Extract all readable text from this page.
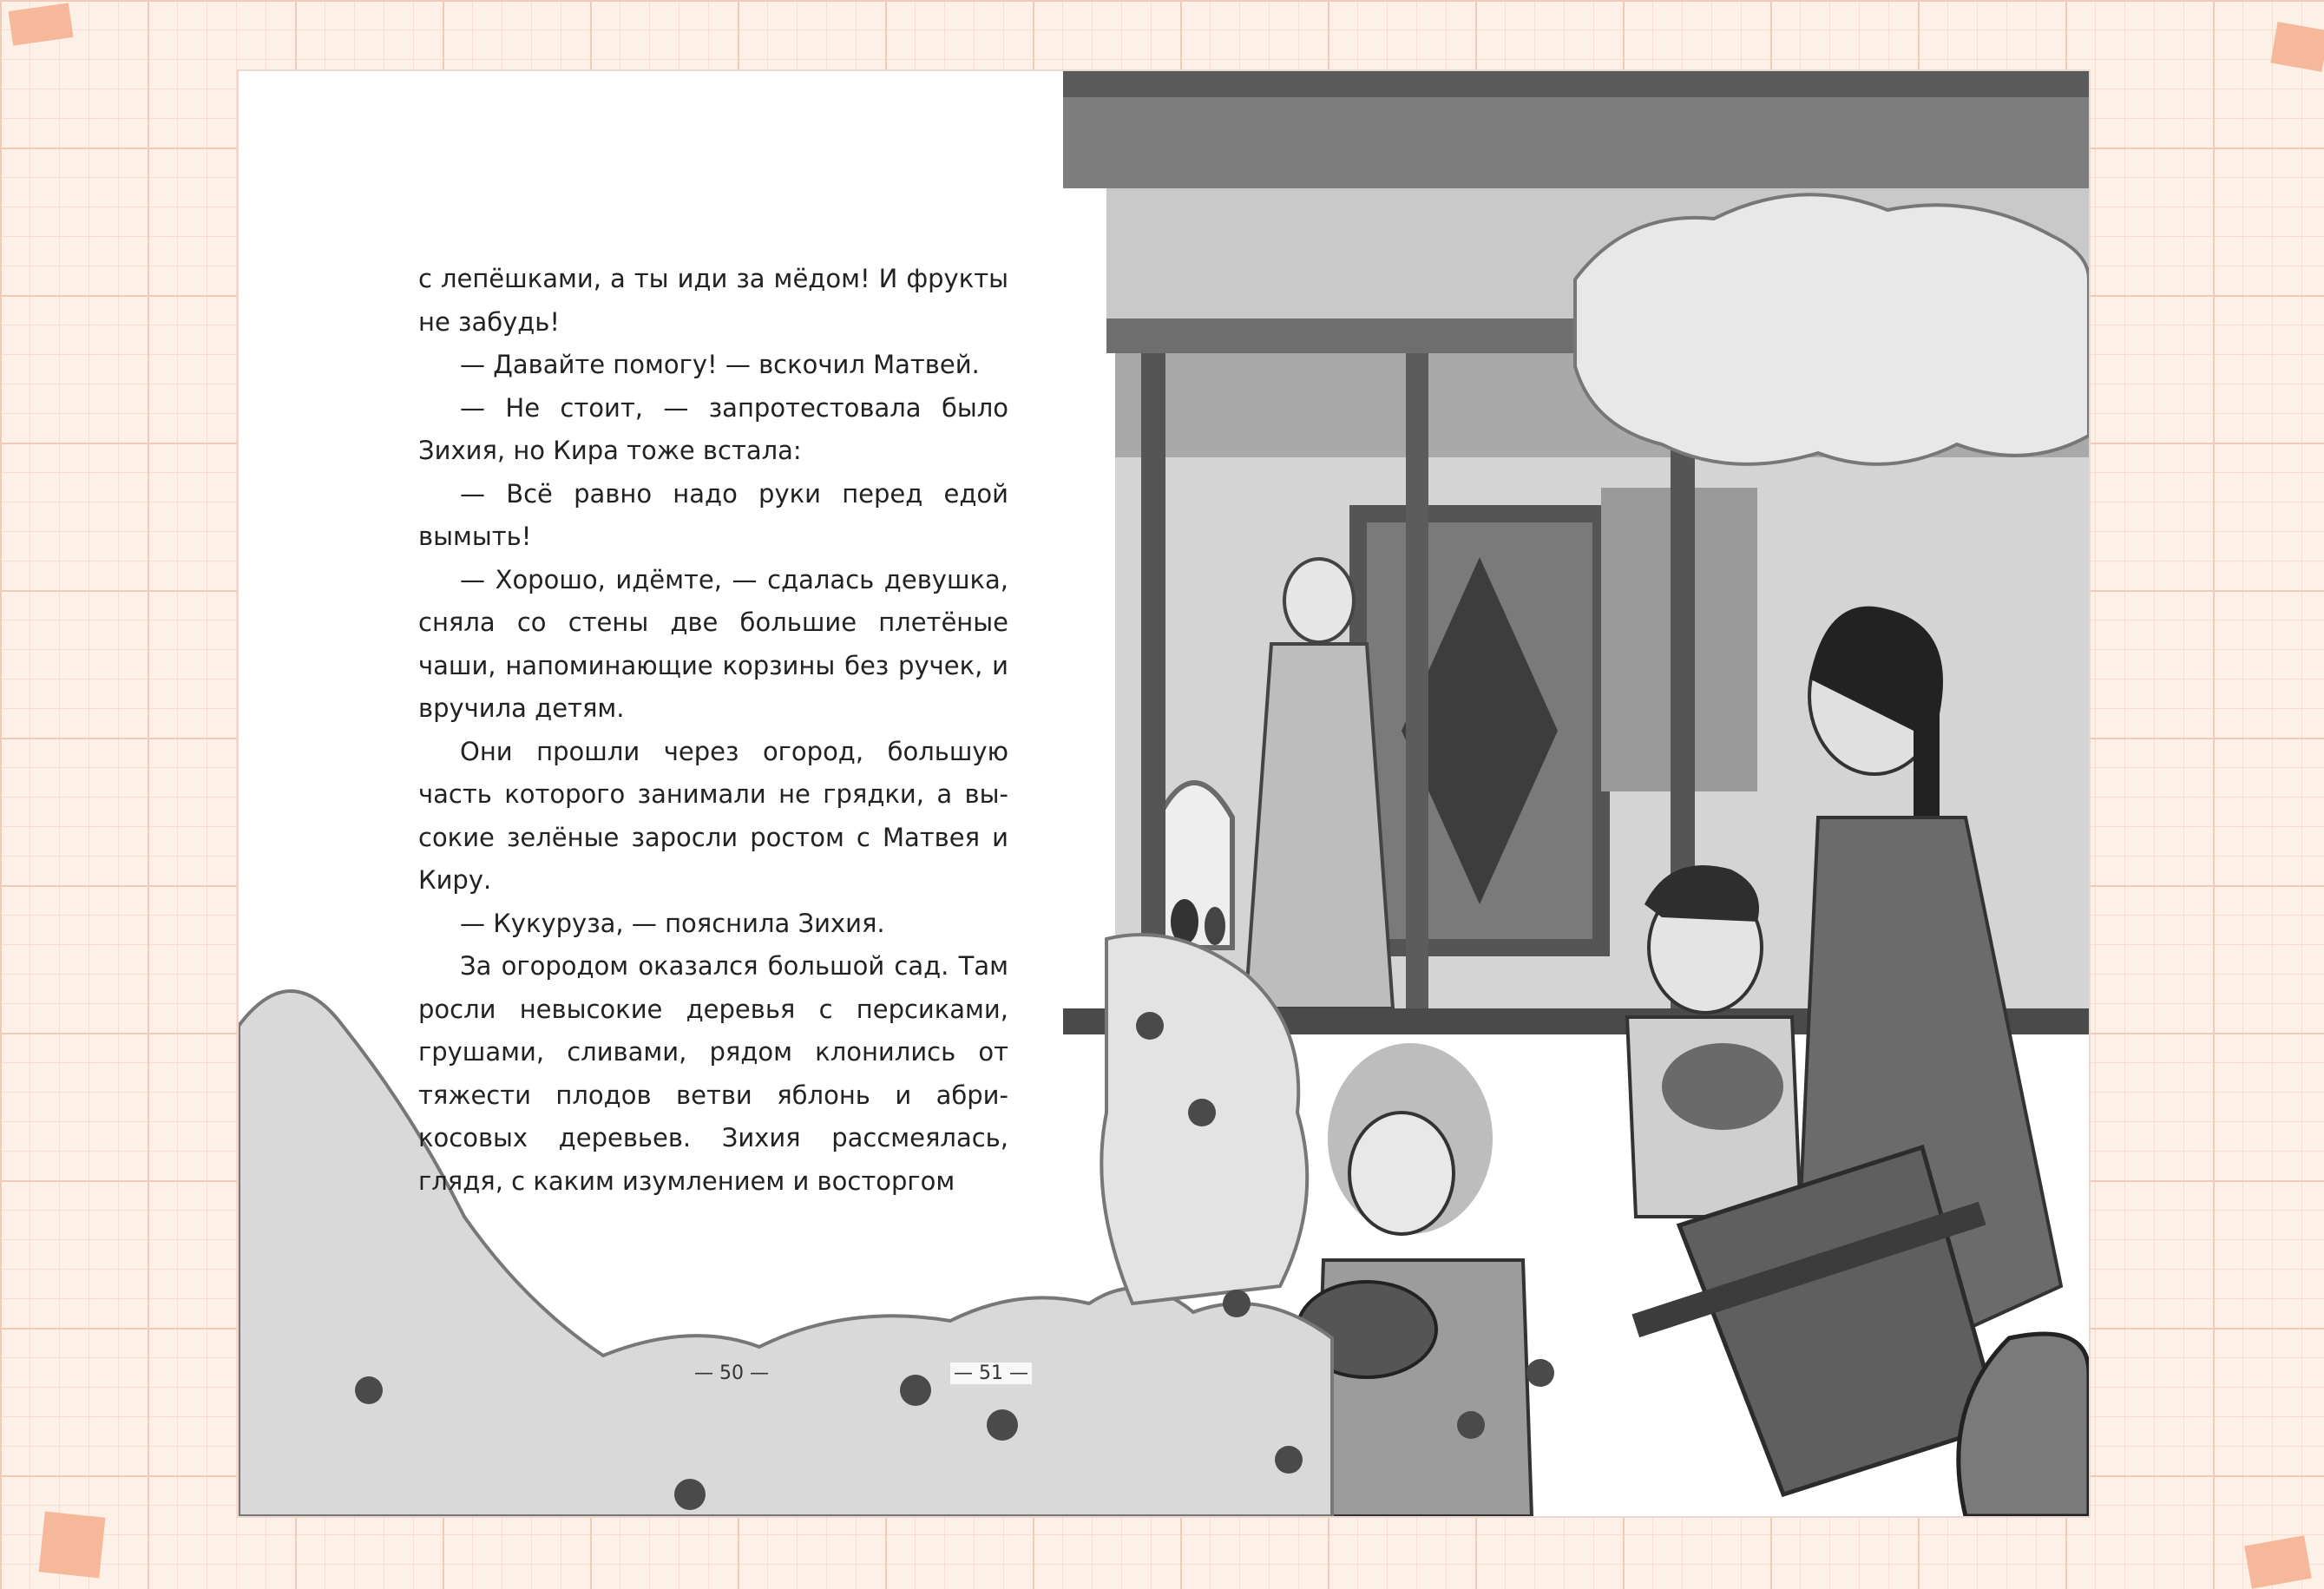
с лепёшками, а ты иди за мёдом! И фрукты не забудь!

— Давайте помогу! — вскочил Матвей.

— Не стоит, — запротестовала было Зихия, но Кира тоже встала:

— Всё равно надо руки перед едой вымыть!

— Хорошо, идёмте, — сдалась девушка, сняла со стены две большие плетёные чаши, напоминающие корзины без ручек, и вручила детям.

Они прошли через огород, большую часть которого занимали не грядки, а высокие зелёные заросли ростом с Матвея и Киру.

— Кукуруза, — пояснила Зихия.

За огородом оказался большой сад. Там росли невысокие деревья с персиками, грушами, сливами, рядом клонились от тяжести плодов ветви яблонь и абрикосовых деревьев. Зихия рассмеялась, глядя, с каким изумлением и восторгом

— 50 —	— 51 —
